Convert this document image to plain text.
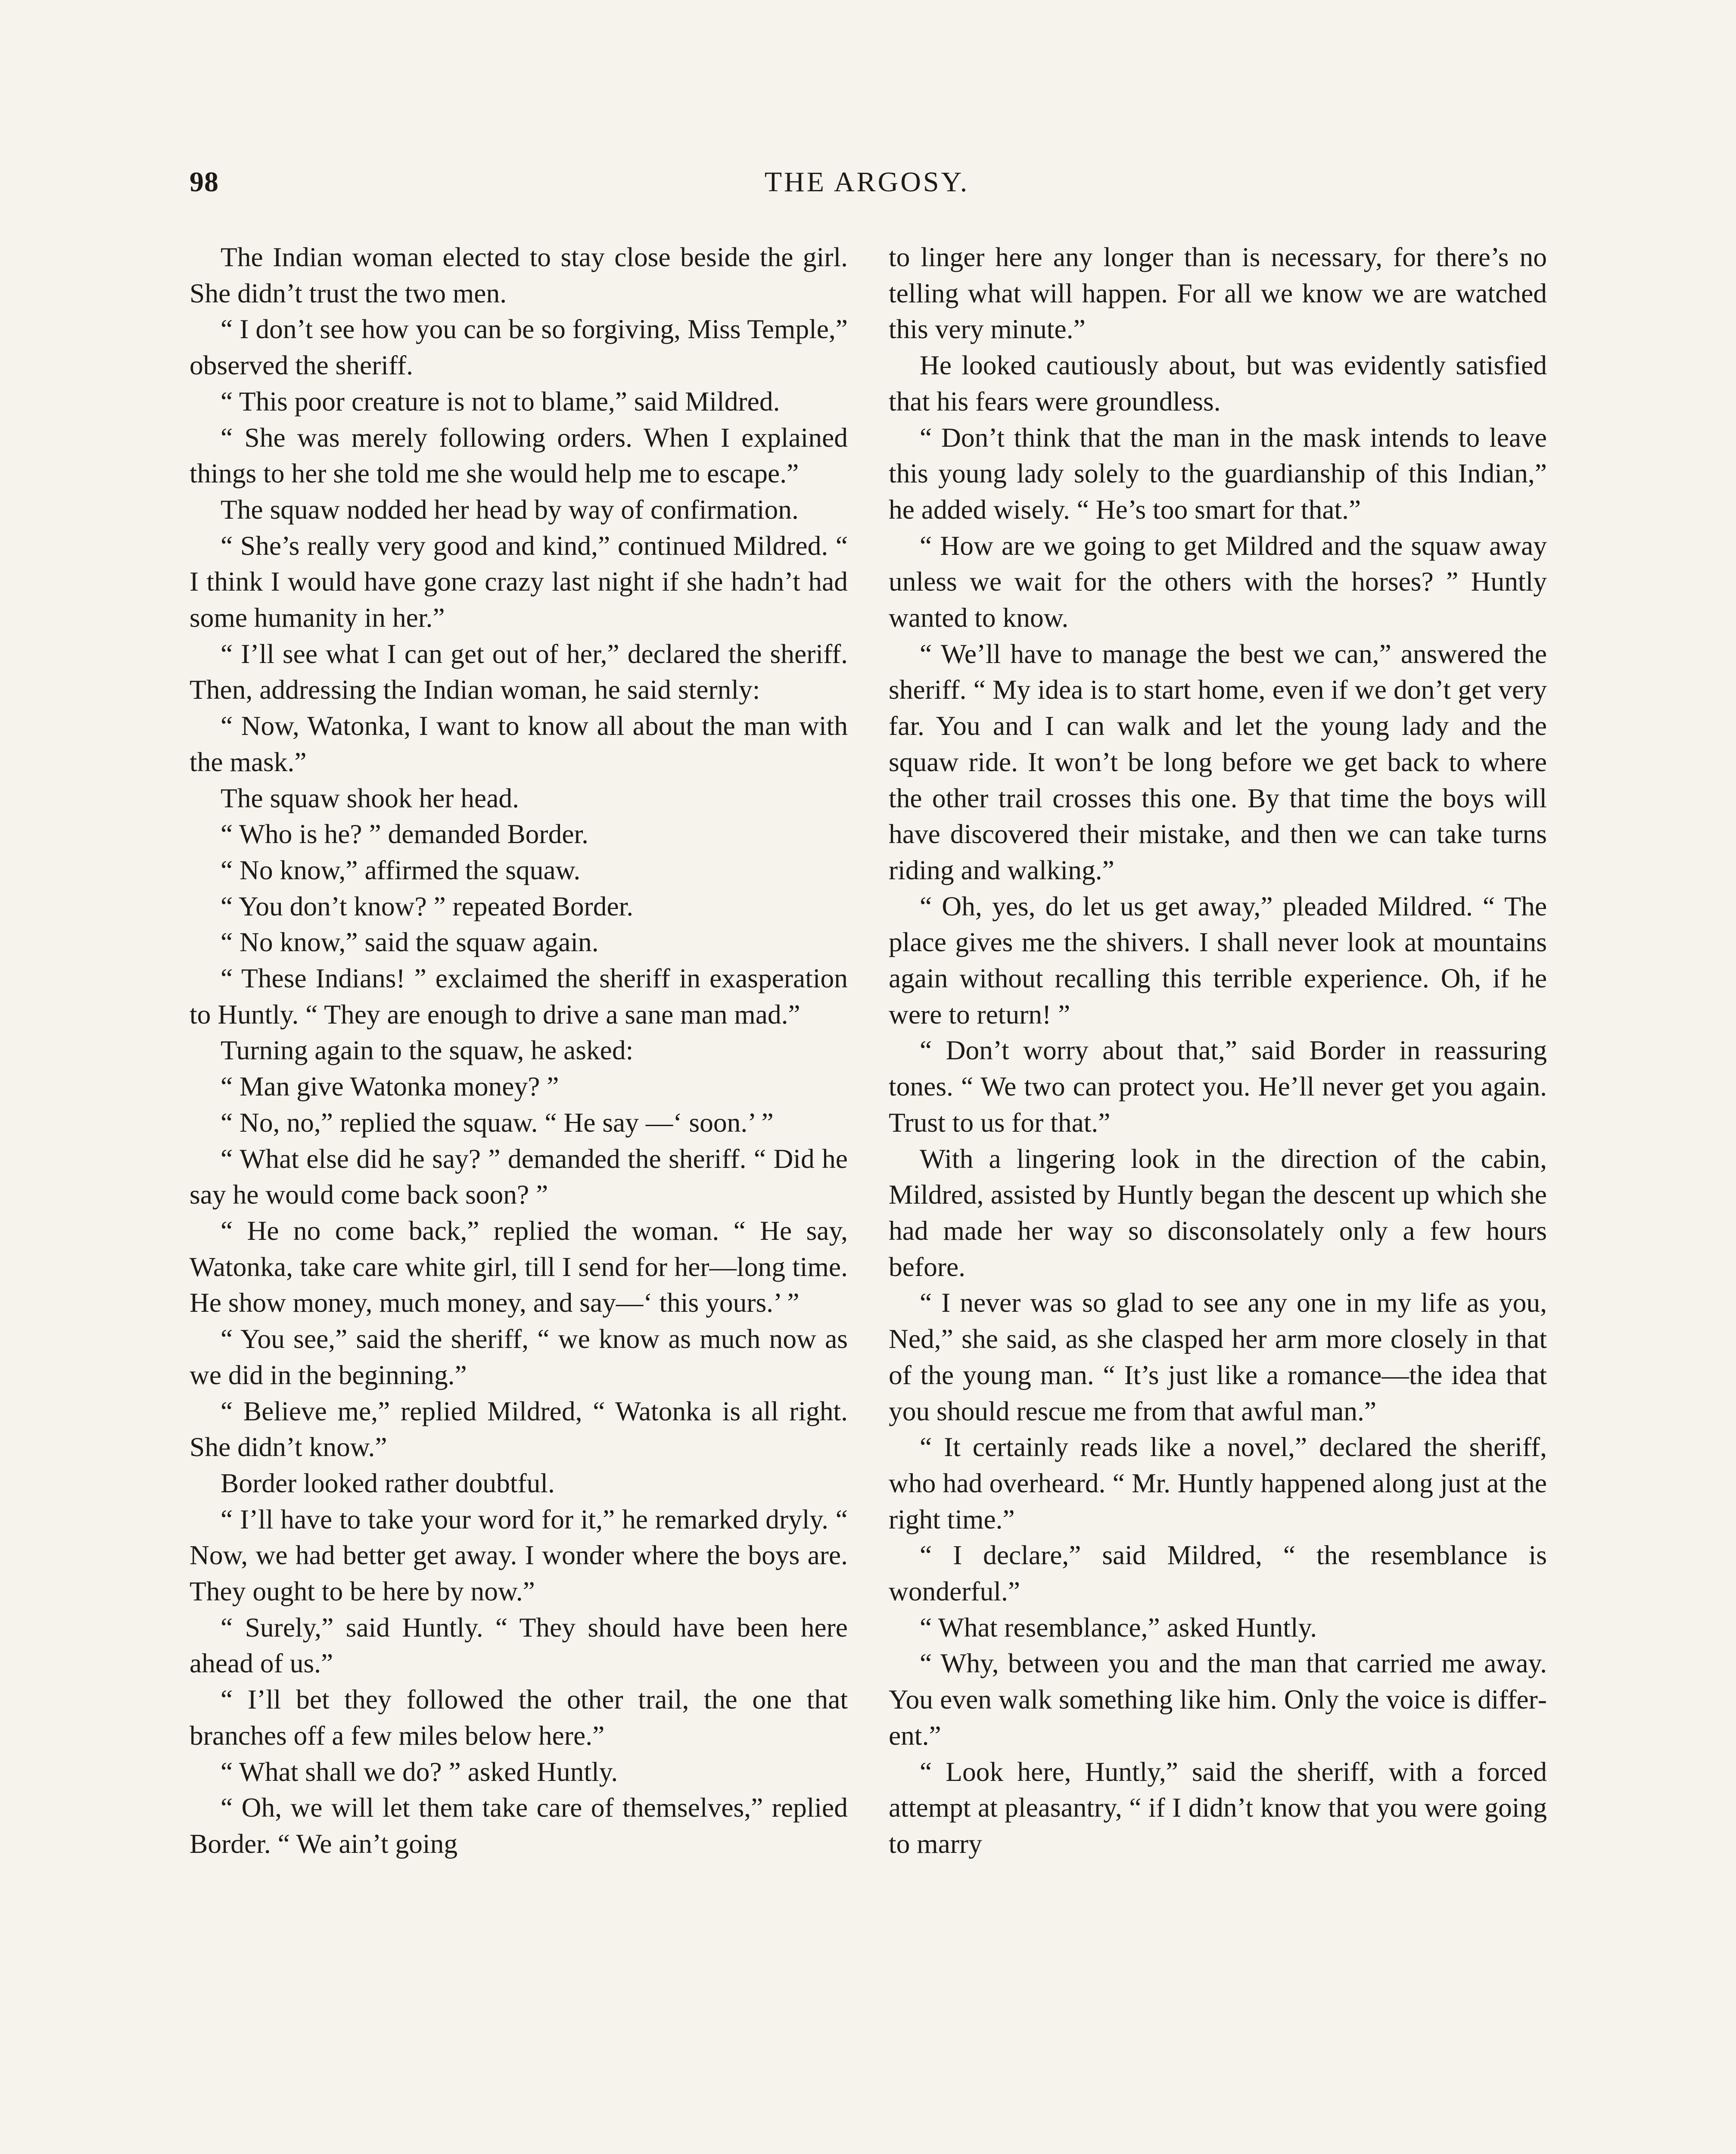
98	THE ARGOSY.

The Indian woman elected to stay close beside the girl. She didn’t trust the two men.

“ I don’t see how you can be so forgiving, Miss Temple,” observed the sheriff.

“ This poor creature is not to blame,” said Mildred.

“ She was merely following orders. When I explained things to her she told me she would help me to escape.”

The squaw nodded her head by way of confirmation.

“ She’s really very good and kind,” continued Mildred. “ I think I would have gone crazy last night if she hadn’t had some humanity in her.”

“ I’ll see what I can get out of her,” declared the sheriff. Then, addressing the Indian woman, he said sternly:

“ Now, Watonka, I want to know all about the man with the mask.”

The squaw shook her head.

“ Who is he? ” demanded Border.

“ No know,” affirmed the squaw.

“ You don’t know? ” repeated Border.

“ No know,” said the squaw again.

“ These Indians! ” exclaimed the sheriff in exasperation to Huntly. “ They are enough to drive a sane man mad.”

Turning again to the squaw, he asked:

“ Man give Watonka money? ”

“ No, no,” replied the squaw. “ He say —‘ soon.’ ”

“ What else did he say? ” demanded the sheriff. “ Did he say he would come back soon? ”

“ He no come back,” replied the woman. “ He say, Watonka, take care white girl, till I send for her—long time. He show money, much money, and say—‘ this yours.’ ”

“ You see,” said the sheriff, “ we know as much now as we did in the beginning.”

“ Believe me,” replied Mildred, “ Watonka is all right. She didn’t know.”

Border looked rather doubtful.

“ I’ll have to take your word for it,” he remarked dryly. “ Now, we had better get away. I wonder where the boys are. They ought to be here by now.”

“ Surely,” said Huntly. “ They should have been here ahead of us.”

“ I’ll bet they followed the other trail, the one that branches off a few miles below here.”

“ What shall we do? ” asked Huntly.

“ Oh, we will let them take care of themselves,” replied Border. “ We ain’t going

to linger here any longer than is necessary, for there’s no telling what will happen. For all we know we are watched this very minute.”

He looked cautiously about, but was evidently satisfied that his fears were groundless.

“ Don’t think that the man in the mask intends to leave this young lady solely to the guardianship of this Indian,” he added wisely. “ He’s too smart for that.”

“ How are we going to get Mildred and the squaw away unless we wait for the others with the horses? ” Huntly wanted to know.

“ We’ll have to manage the best we can,” answered the sheriff. “ My idea is to start home, even if we don’t get very far. You and I can walk and let the young lady and the squaw ride. It won’t be long before we get back to where the other trail crosses this one. By that time the boys will have discovered their mistake, and then we can take turns riding and walking.”

“ Oh, yes, do let us get away,” pleaded Mildred. “ The place gives me the shivers. I shall never look at mountains again without recalling this terrible experience. Oh, if he were to return! ”

“ Don’t worry about that,” said Border in reassuring tones. “ We two can protect you. He’ll never get you again. Trust to us for that.”

With a lingering look in the direction of the cabin, Mildred, assisted by Huntly began the descent up which she had made her way so disconsolately only a few hours before.

“ I never was so glad to see any one in my life as you, Ned,” she said, as she clasped her arm more closely in that of the young man. “ It’s just like a romance—the idea that you should rescue me from that awful man.”

“ It certainly reads like a novel,” declared the sheriff, who had overheard. “ Mr. Huntly happened along just at the right time.”

“ I declare,” said Mildred, “ the resemblance is wonderful.”

“ What resemblance,” asked Huntly.

“ Why, between you and the man that carried me away. You even walk something like him. Only the voice is different.”

“ Look here, Huntly,” said the sheriff, with a forced attempt at pleasantry, “ if I didn’t know that you were going to marry
